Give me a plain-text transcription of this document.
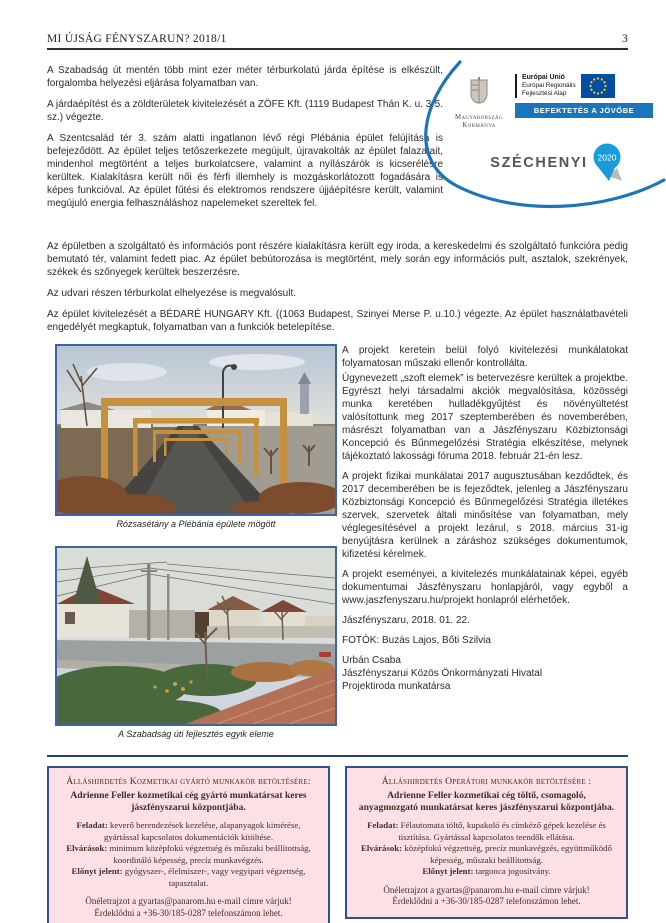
MI ÚJSÁG FÉNYSZARUN? 2018/1	3

A Szabadság út mentén több mint ezer méter térburkolatú járda építése is elkészült, forgalomba helyezési eljárása folyamatban van.

A járdaépítést és a zöldterületek kivitelezését a ZÖFE Kft. (1119 Budapest Thán K. u. 3-5. sz.) végezte.

A Szentcsalád tér 3. szám alatti ingatlanon lévő régi Plébánia épület felújítása is befejeződött. Az épület teljes tetőszerkezete megújult, újravakolták az épület falazatait, mindenhol megtörtént a teljes burkolatcsere, valamint a nyílászárók is kicserélésre kerültek. Kialakításra került női és férfi illemhely is mozgáskorlátozott fogadására is képes funkcióval. Az épület fűtési és elektromos rendszere újjáépítésre került, valamint megújuló energia felhasználáshoz napelemeket szereltek fel.

Magyarország
Kormánya
Európai Unió
Európai Regionális
Fejlesztési Alap
BEFEKTETÉS A JÖVŐBE
SZÉCHENYI 2020

Az épületben a szolgáltató és információs pont részére kialakításra került egy iroda, a kereskedelmi és szolgáltató funkcióra pedig bemutató tér, valamint fedett piac. Az épület bebútorozása is megtörtént, mely során egy információs pult, asztalok, szekrények, székek és szőnyegek kerültek beszerzésre.

Az udvari részen térburkolat elhelyezése is megvalósult.

Az épület kivitelezését a BÉDARÉ HUNGARY Kft. ((1063 Budapest, Szinyei Merse P. u.10.) végezte. Az épület használatbavételi engedélyét megkaptuk, folyamatban van a funkciók betelepítése.

Rózsasétány a Plébánia épülete mögött

A Szabadság úti fejlesztés egyik eleme

A projekt keretein belül folyó kivitelezési munkálatokat folyamatosan műszaki ellenőr kontrollálta.

Úgynevezett „szoft elemek” is betervezésre kerültek a projektbe. Egyrészt helyi társadalmi akciók megvalósítása, közösségi munka keretében hulladékgyűjtést és növényültetést valósítottunk meg 2017 szeptemberében és novemberében, másrészt folyamatban van a Jászfényszaru Közbiztonsági Koncepció és Bűnmegelőzési Stratégia elkészítése, melynek tájékoztató lakossági fóruma 2018. február 21-én lesz.

A projekt fizikai munkálatai 2017 augusztusában kezdődtek, és 2017 decemberében be is fejeződtek, jelenleg a Jászfényszaru Közbiztonsági Koncepció és Bűnmegelőzési Stratégia illetékes szervek, szervetek általi minősítése van folyamatban, mely véglegesítésével a projekt lezárul, s 2018. március 31-ig benyújtásra kerülnek a záráshoz szükséges dokumentumok, kifizetési kérelmek.

A projekt eseményei, a kivitelezés munkálatainak képei, egyéb dokumentumai Jászfényszaru honlapjáról, vagy egyből a www.jaszfenyszaru.hu/projekt honlapról elérhetőek.

Jászfényszaru, 2018. 01. 22.

FOTÓK: Buzás Lajos, Bőti Szilvia

Urbán Csaba

Jászfényszarui Közös Önkormányzati Hivatal

Projektiroda munkatársa

Álláshirdetés Kozmetikai gyártó munkakör betöltésére:
Adrienne Feller kozmetikai cég gyártó munkatársat keres jászfényszarui központjába.
Feladat: keverő berendezések kezelése, alapanyagok kimérése, gyártással kapcsolatos dokumentációk kitöltése.
Elvárások: minimum középfokú végzettség és műszaki beállítottság, koordináló képesség, precíz munkavégzés.
Előnyt jelent: gyógyszer-, élelmiszer-, vagy vegyipari végzettség, tapasztalat.
Önéletrajzot a gyartas@panarom.hu e-mail címre várjuk!
Érdeklődni a +36-30/185-0287 telefonszámon lehet.
Álláshirdetés Operátori munkakör betöltésére :
Adrienne Feller kozmetikai cég töltő, csomagoló, anyagmozgató munkatársat keres jászfényszarui központjába.
Feladat: Félautomata töltő, kupakoló és címkéző gépek kezelése és tisztítása. Gyártással kapcsolatos teendők ellátása.
Elvárások: középfokú végzettség, precíz munkavégzés, együttműködő képesség, műszaki beállítottság.
Előnyt jelent: targonca jogosítvány.
Önéletrajzot a gyartas@panarom.hu e-mail címre várjuk!
Érdeklődni a +36-30/185-0287 telefonszámon lehet.
